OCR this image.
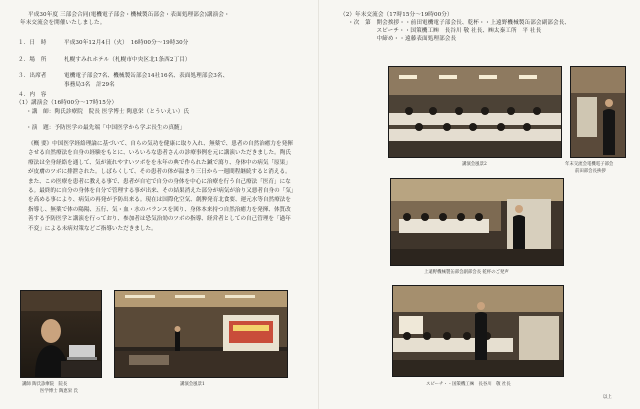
平成30年度 三部会合同(電機電子部会・機械製缶部会・表面処理部会)講演会・
年末交流会を開催いたしました。
１．日　時	平成30年12月4日（火）　16時00分～19時30分
２．場　所	札幌すみれホテル（札幌市中央区北1条西2丁目）
３．出席者	電機電子部会7名、機械製缶部会14社16名、表面処理部会3名、
事務局3名　計29名
４．内　容
（1）講演会（16時00分～17時15分）
・講　師：陶氏診療院　院長 医学博士 陶恵栄（とういえい）氏
・演　題：予防医学の最先端「中国医学から学ぶ長生の真髄」
《概 要》中国医学経絡理論に基づいて、自らの気功を健康に取り入れ、無薬で、患者の自然治癒力を発揮させる自然療法を自身の経験をもとに、いろいろな患者さんの診療事例を元に講演いただきました。陶氏療法は全身経絡を通して、気が流れやすいツボをを永年の典で作られた鍼で瀉り、身体中の病気「原果」が皮膚のツボに排泄された。しばらくして、その患者の体が温まり三日から一週間程継続すると消える。また、この医療を患者に教える事で、患者が自宅で自分の身体を中心に治療を行う自己療法「医育」になる。最終的に自分の身体を自分で管理する事が出来、その結果消えた部分が病気が治り又悪者自身の「気」を高める事により、病気の再発が予防出来る。現在は国際化空気、創脾発育北食要、運元水等自然療法を指導し、無薬で体の陽陽、五行、気・血・水のバランスを図り、身体本来持つ自然治癒力を発揮、体質改善する予防医学と講演を行っており、参加者は恐気治効のツボの指導、経営者としての自己管理を「過年不変」による未病対策などご指導いただきました。
講師 陶氏診療院　院長
医学博士 陶恵栄 氏
講演会風景1
（2）年末交流会（17時15分～19時00分）
・次　第　開会挨拶・・前田電機電子部会長、乾杯・・上遠野機械製缶部会副部会長、
　　　　　スピーチ・・国策機工㈱　長谷川 敬 社長、㈱太秦工所　平 社長
　　　　　中締め・・遠藤表面処理部会長
講演会風景2	年末交流会電機電子部会
前田部会長挨拶
上遠野機械製缶部会副部会長 乾杯のご発声
スピーチ・・国策機工㈱　長谷川　敬 社長
以上
